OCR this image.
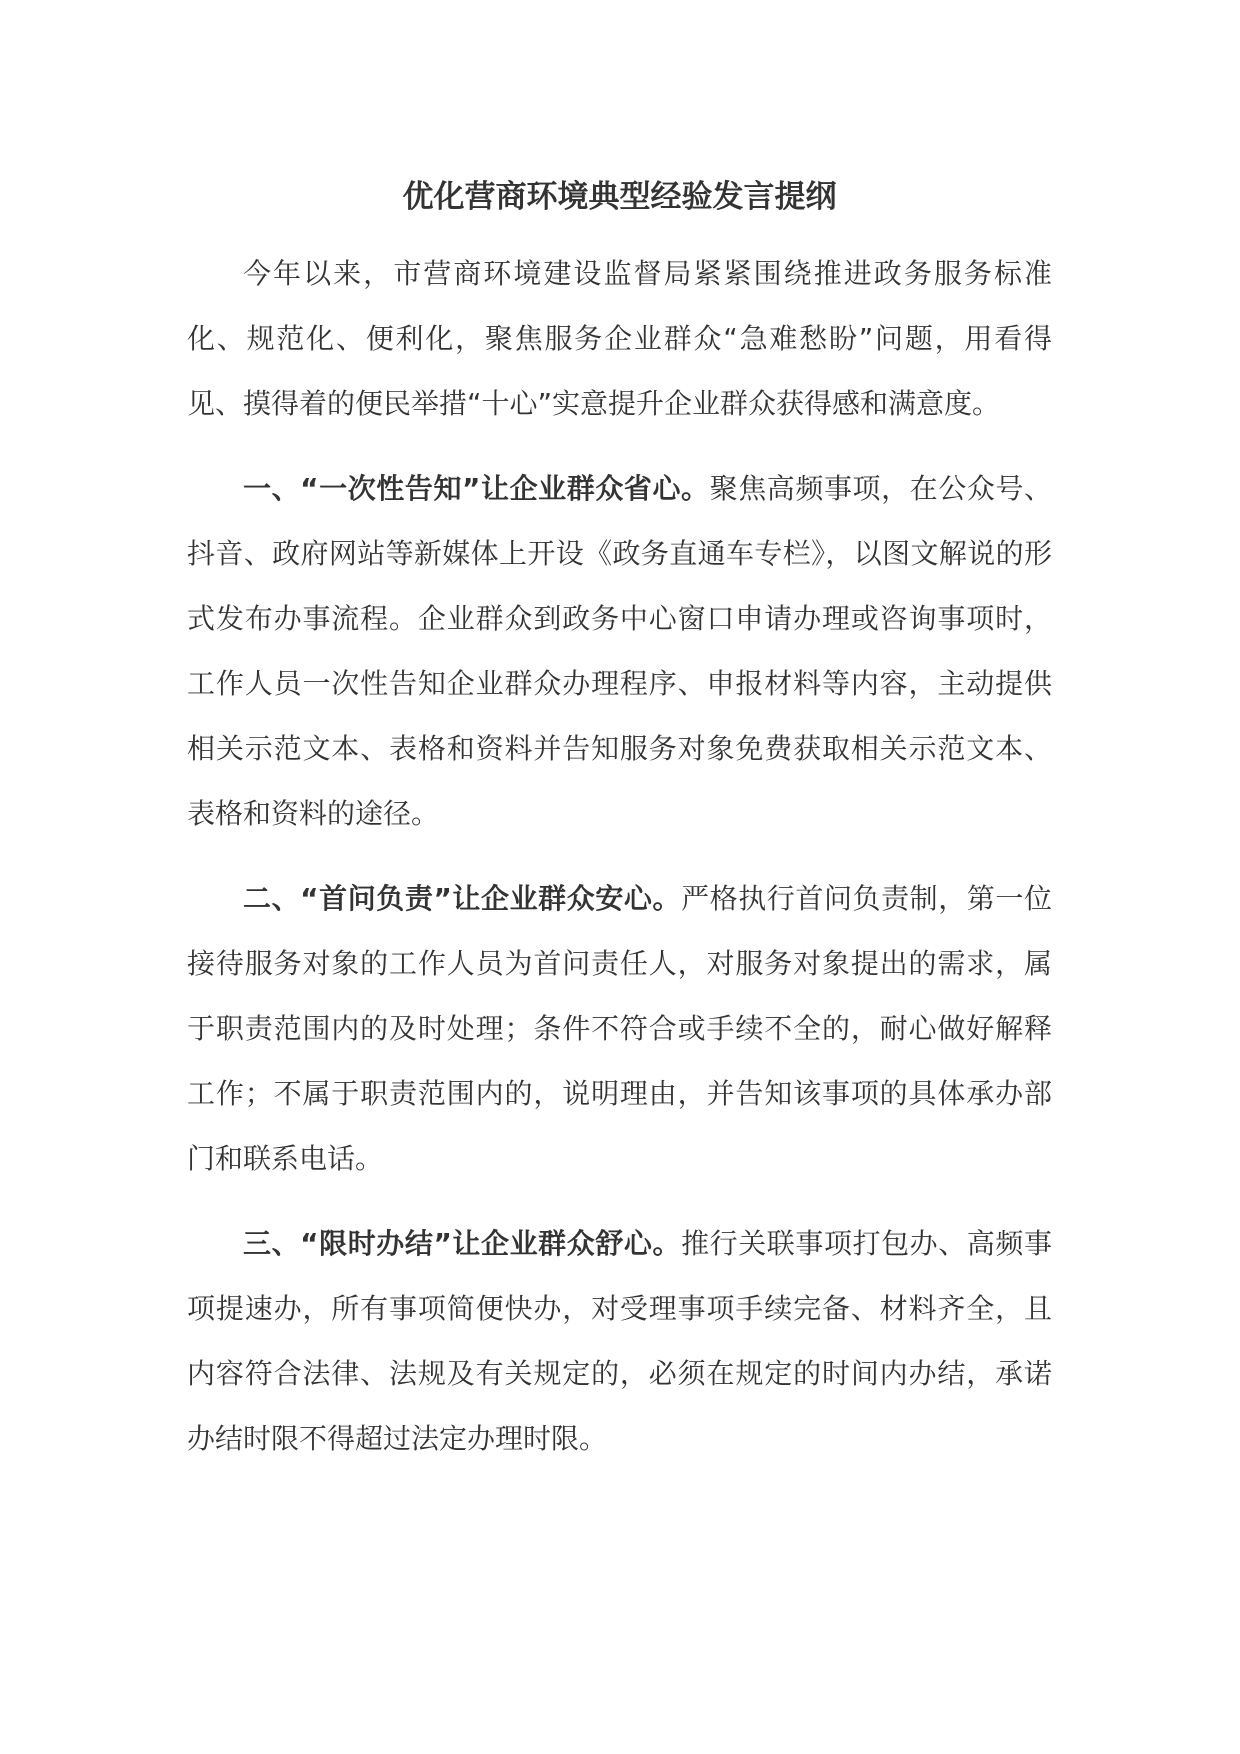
优化营商环境典型经验发言提纲

今年以来，市营商环境建设监督局紧紧围绕推进政务服务标准化、规范化、便利化，聚焦服务企业群众“急难愁盼”问题，用看得见、摸得着的便民举措“十心”实意提升企业群众获得感和满意度。

一、“一次性告知”让企业群众省心。聚焦高频事项，在公众号、抖音、政府网站等新媒体上开设《政务直通车专栏》，以图文解说的形式发布办事流程。企业群众到政务中心窗口申请办理或咨询事项时，工作人员一次性告知企业群众办理程序、申报材料等内容，主动提供相关示范文本、表格和资料并告知服务对象免费获取相关示范文本、表格和资料的途径。

二、“首问负责”让企业群众安心。严格执行首问负责制，第一位接待服务对象的工作人员为首问责任人，对服务对象提出的需求，属于职责范围内的及时处理；条件不符合或手续不全的，耐心做好解释工作；不属于职责范围内的，说明理由，并告知该事项的具体承办部门和联系电话。

三、“限时办结”让企业群众舒心。推行关联事项打包办、高频事项提速办，所有事项简便快办，对受理事项手续完备、材料齐全，且内容符合法律、法规及有关规定的，必须在规定的时间内办结，承诺办结时限不得超过法定办理时限。
